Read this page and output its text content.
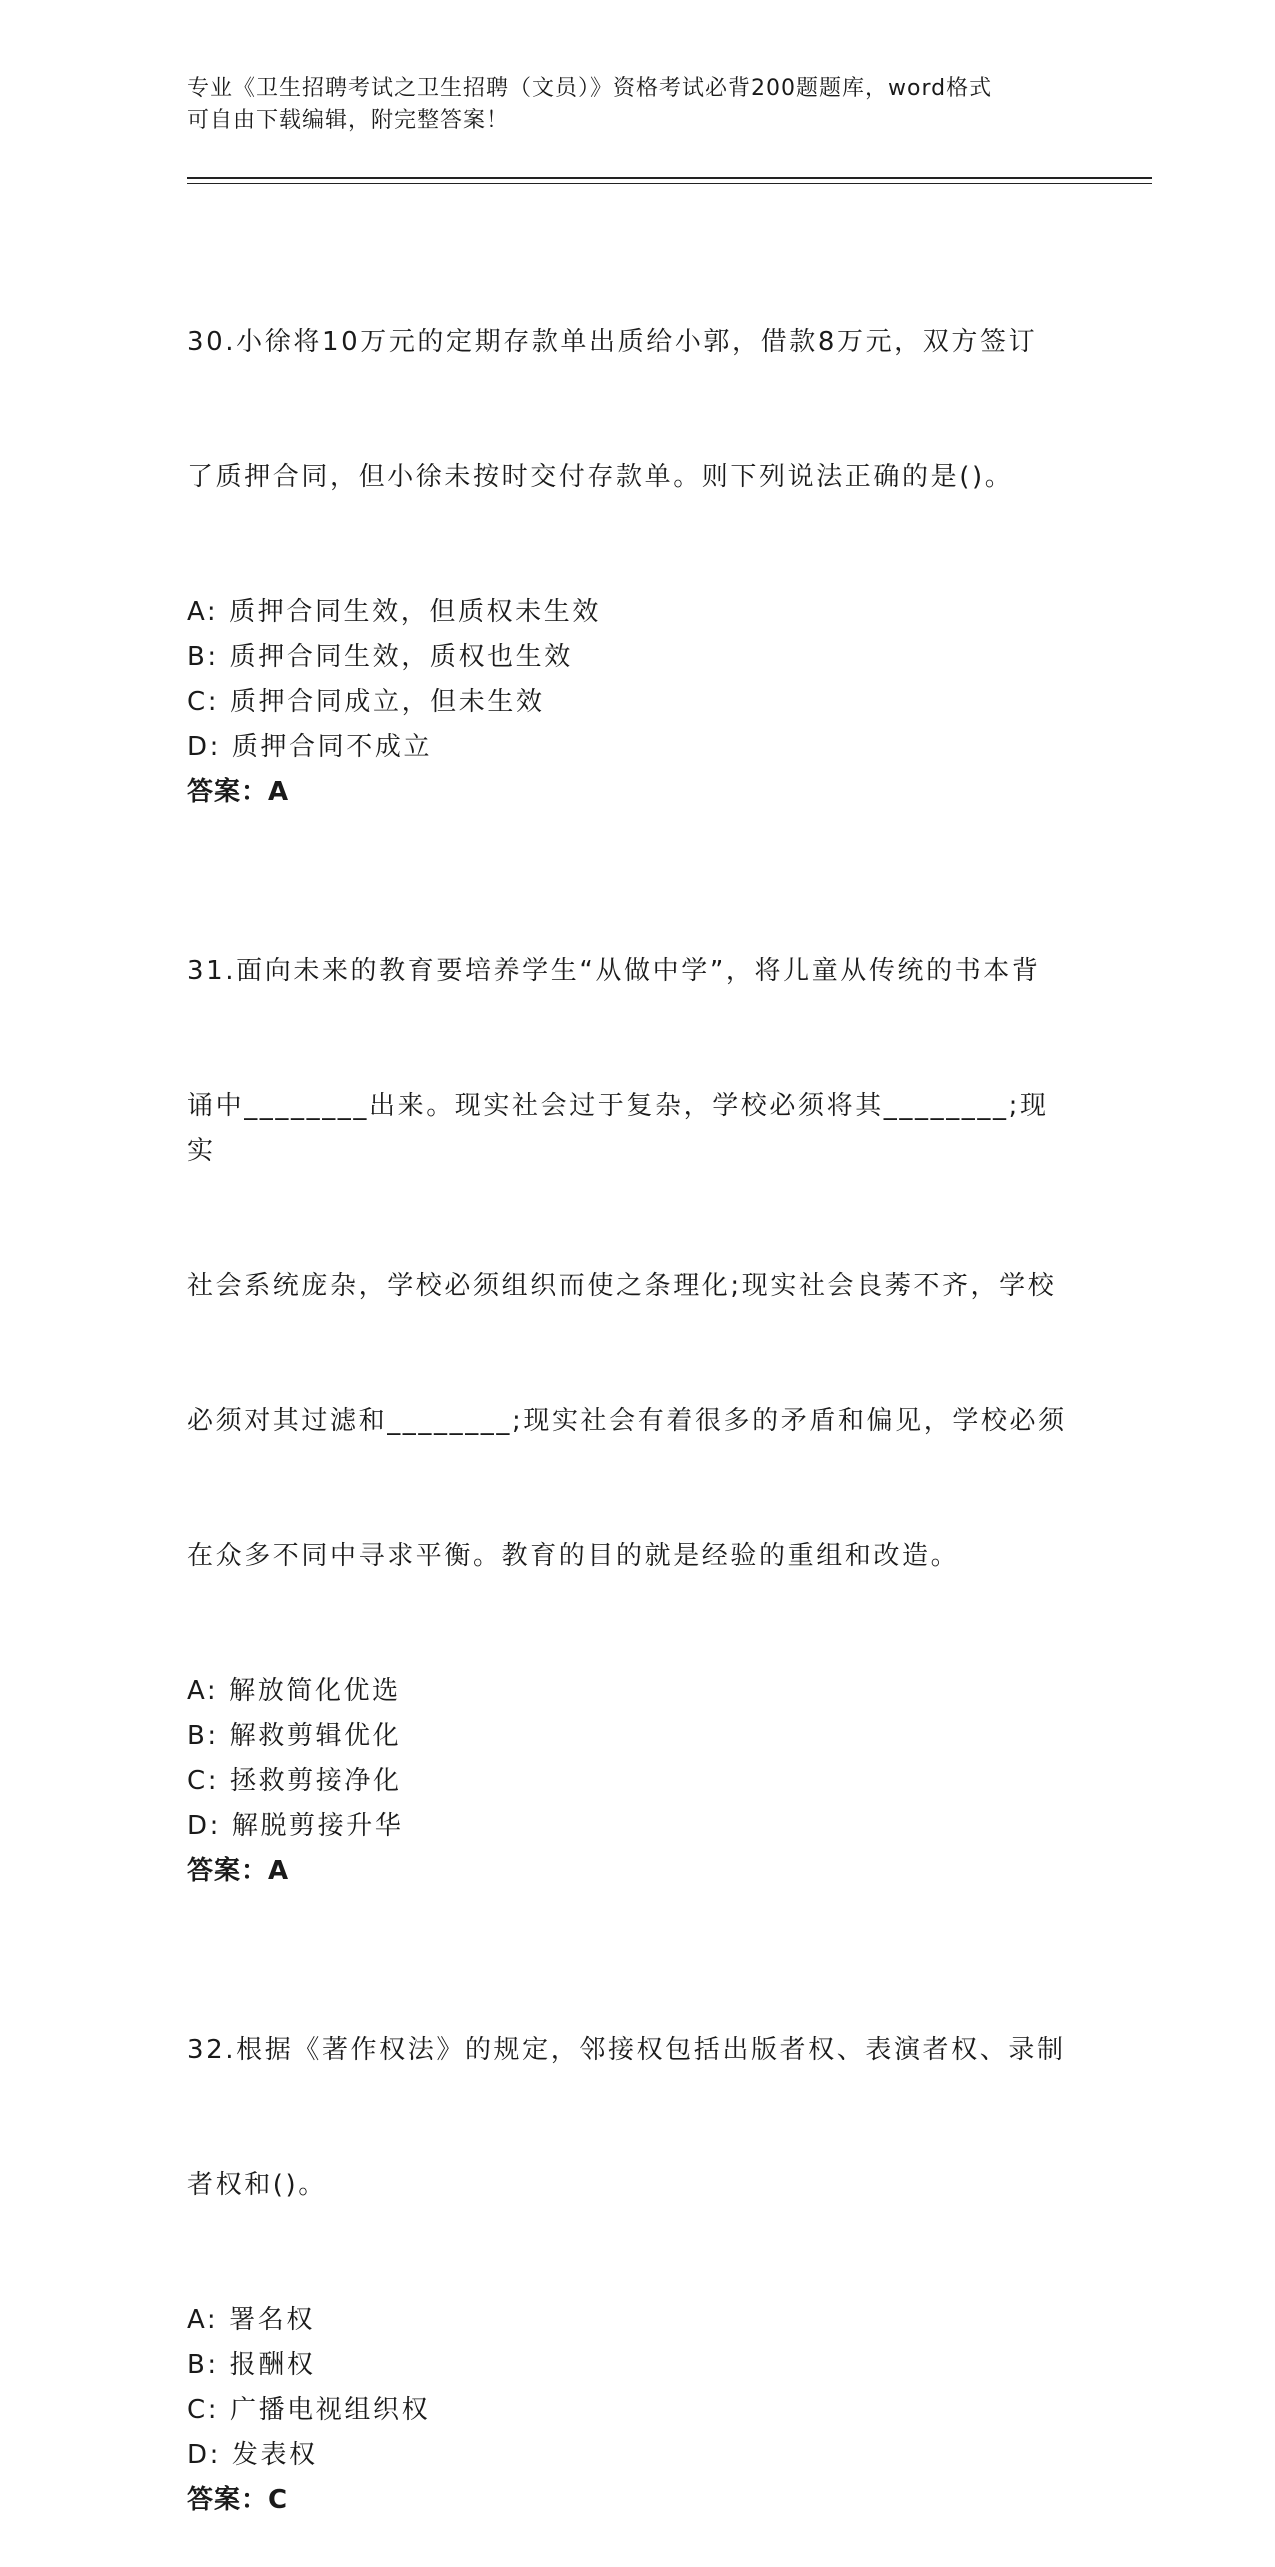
专业《卫生招聘考试之卫生招聘（文员）》资格考试必背200题题库，word格式
可自由下载编辑，附完整答案！

30.小徐将10万元的定期存款单出质给小郭，借款8万元，双方签订

了质押合同，但小徐未按时交付存款单。则下列说法正确的是()。

A: 质押合同生效，但质权未生效
B: 质押合同生效，质权也生效
C: 质押合同成立，但未生效
D: 质押合同不成立
答案：A

31.面向未来的教育要培养学生“从做中学”，将儿童从传统的书本背

诵中________出来。现实社会过于复杂，学校必须将其________;现实

社会系统庞杂，学校必须组织而使之条理化;现实社会良莠不齐，学校

必须对其过滤和________;现实社会有着很多的矛盾和偏见，学校必须

在众多不同中寻求平衡。教育的目的就是经验的重组和改造。

A: 解放简化优选
B: 解救剪辑优化
C: 拯救剪接净化
D: 解脱剪接升华
答案：A

32.根据《著作权法》的规定，邻接权包括出版者权、表演者权、录制

者权和()。

A: 署名权
B: 报酬权
C: 广播电视组织权
D: 发表权
答案：C
